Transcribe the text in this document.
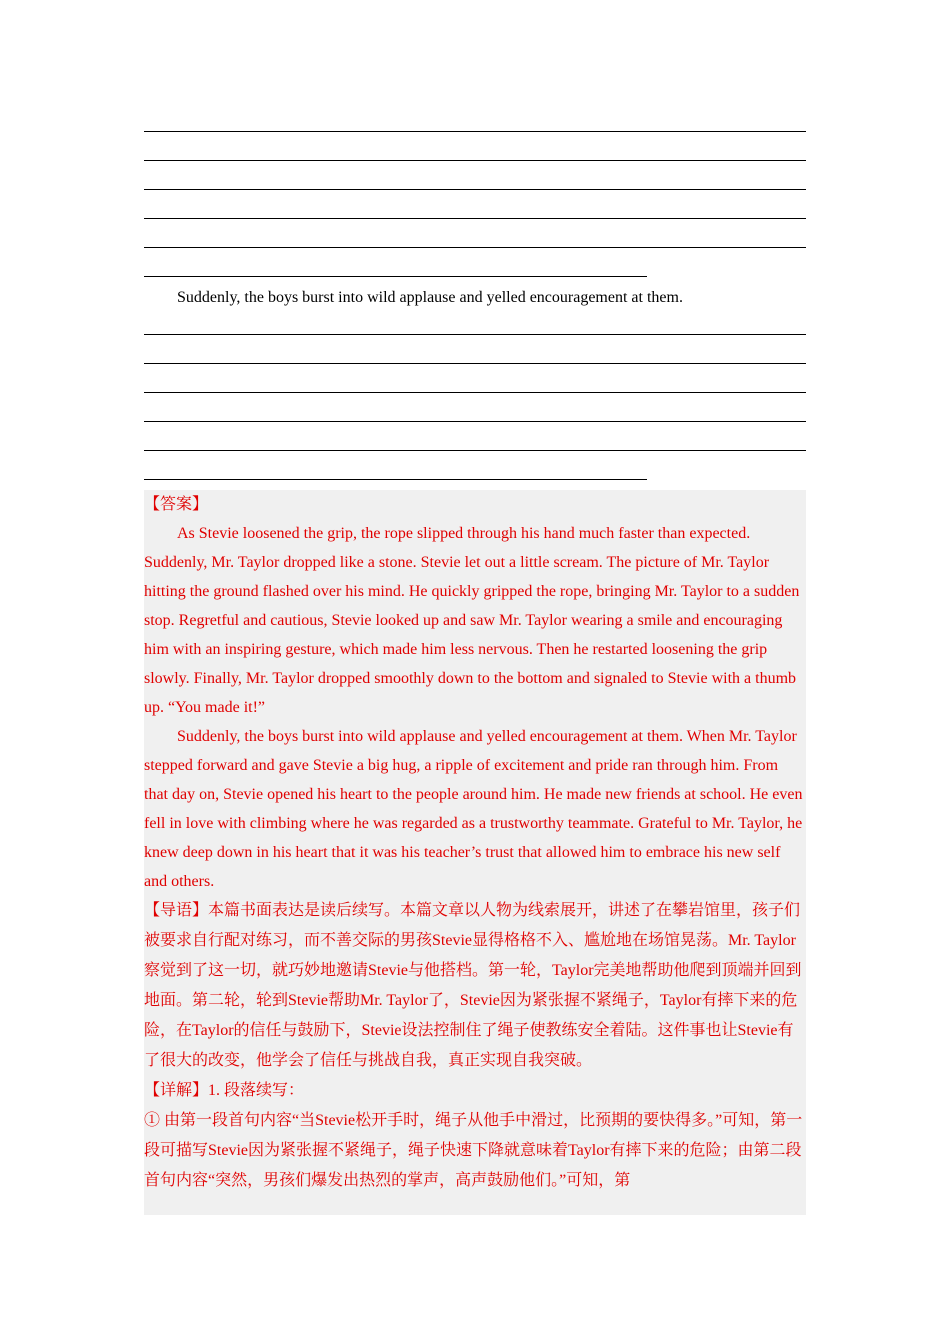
Suddenly, the boys burst into wild applause and yelled encouragement at them.

【答案】

As Stevie loosened the grip, the rope slipped through his hand much faster than expected. Suddenly, Mr. Taylor dropped like a stone. Stevie let out a little scream. The picture of Mr. Taylor hitting the ground flashed over his mind. He quickly gripped the rope, bringing Mr. Taylor to a sudden stop. Regretful and cautious, Stevie looked up and saw Mr. Taylor wearing a smile and encouraging him with an inspiring gesture, which made him less nervous. Then he restarted loosening the grip slowly. Finally, Mr. Taylor dropped smoothly down to the bottom and signaled to Stevie with a thumb up. “You made it!”

Suddenly, the boys burst into wild applause and yelled encouragement at them. When Mr. Taylor stepped forward and gave Stevie a big hug, a ripple of excitement and pride ran through him. From that day on, Stevie opened his heart to the people around him. He made new friends at school. He even fell in love with climbing where he was regarded as a trustworthy teammate. Grateful to Mr. Taylor, he knew deep down in his heart that it was his teacher’s trust that allowed him to embrace his new self and others.

【导语】本篇书面表达是读后续写。本篇文章以人物为线索展开，讲述了在攀岩馆里，孩子们被要求自行配对练习，而不善交际的男孩Stevie显得格格不入、尴尬地在场馆晃荡。Mr. Taylor察觉到了这一切，就巧妙地邀请Stevie与他搭档。第一轮，Taylor完美地帮助他爬到顶端并回到地面。第二轮，轮到Stevie帮助Mr. Taylor了，Stevie因为紧张握不紧绳子，Taylor有摔下来的危险，在Taylor的信任与鼓励下，Stevie设法控制住了绳子使教练安全着陆。这件事也让Stevie有了很大的改变，他学会了信任与挑战自我，真正实现自我突破。

【详解】1. 段落续写：

① 由第一段首句内容“当Stevie松开手时，绳子从他手中滑过，比预期的要快得多。”可知，第一段可描写Stevie因为紧张握不紧绳子，绳子快速下降就意味着Taylor有摔下来的危险；由第二段首句内容“突然，男孩们爆发出热烈的掌声，高声鼓励他们。”可知，第
